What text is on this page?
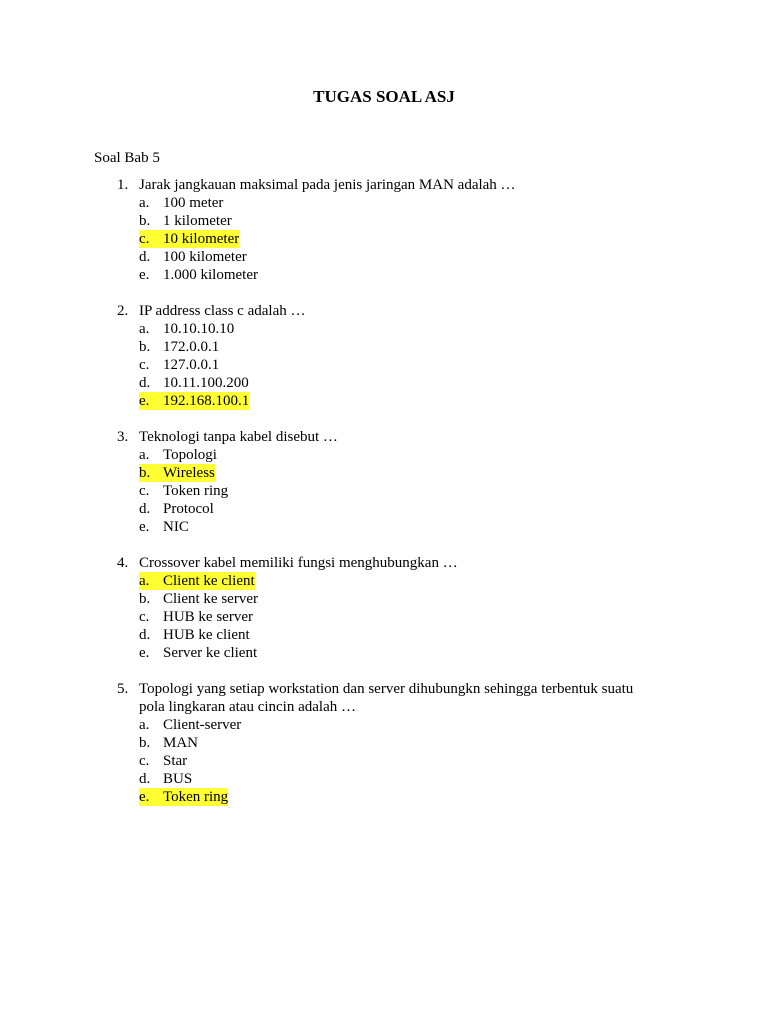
TUGAS SOAL ASJ
Soal Bab 5
1. Jarak jangkauan maksimal pada jenis jaringan MAN adalah …
a. 100 meter
b. 1 kilometer
c. 10 kilometer
d. 100 kilometer
e. 1.000 kilometer
2. IP address class c adalah …
a. 10.10.10.10
b. 172.0.0.1
c. 127.0.0.1
d. 10.11.100.200
e. 192.168.100.1
3. Teknologi tanpa kabel disebut …
a. Topologi
b. Wireless
c. Token ring
d. Protocol
e. NIC
4. Crossover kabel memiliki fungsi menghubungkan …
a. Client ke client
b. Client ke server
c. HUB ke server
d. HUB ke client
e. Server ke client
5. Topologi yang setiap workstation dan server dihubungkn sehingga terbentuk suatu
pola lingkaran atau cincin adalah …
a. Client-server
b. MAN
c. Star
d. BUS
e. Token ring
